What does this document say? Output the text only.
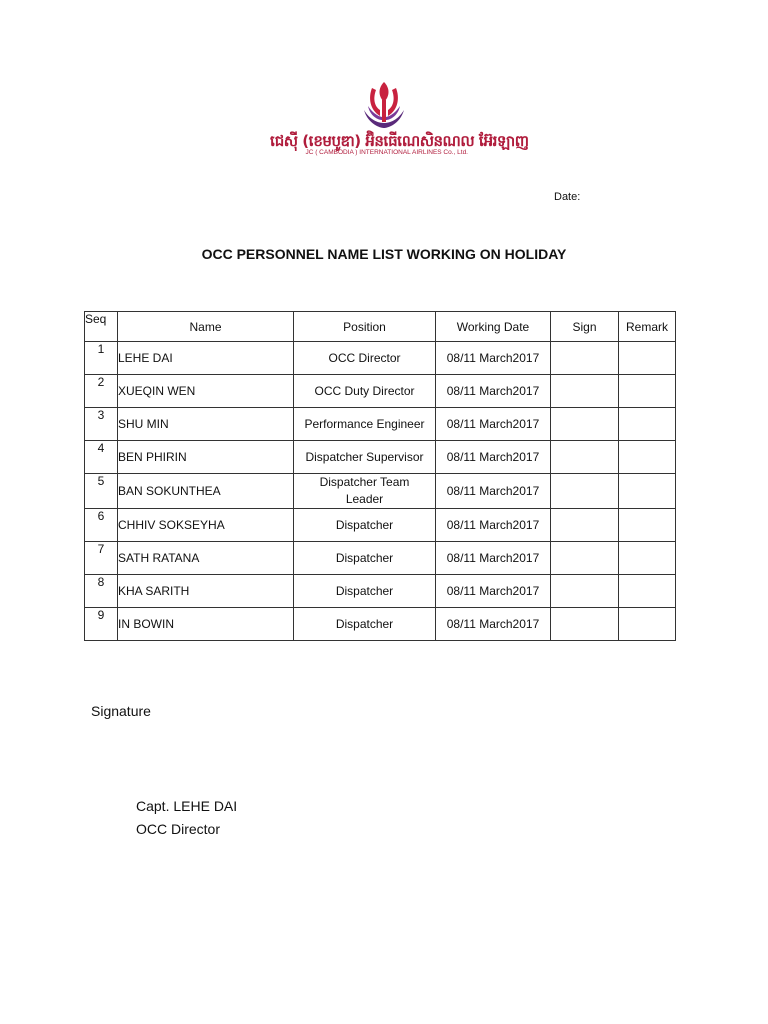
ជេសុី (ខេមបូឌា) អ៊ិនធើណេសិនណល អ៊ែរឡាញ
JC ( CAMBODIA ) INTERNATIONAL AIRLINES Co., Ltd.
Date:
OCC PERSONNEL NAME LIST WORKING ON HOLIDAY
Seq	Name	Position	Working Date	Sign	Remark
1	LEHE DAI	OCC Director	08/11 March2017		
2	XUEQIN WEN	OCC Duty Director	08/11 March2017		
3	SHU MIN	Performance Engineer	08/11 March2017		
4	BEN PHIRIN	Dispatcher Supervisor	08/11 March2017		
5	BAN SOKUNTHEA	Dispatcher Team Leader	08/11 March2017		
6	CHHIV SOKSEYHA	Dispatcher	08/11 March2017		
7	SATH RATANA	Dispatcher	08/11 March2017		
8	KHA SARITH	Dispatcher	08/11 March2017		
9	IN BOWIN	Dispatcher	08/11 March2017		
Signature
Capt. LEHE DAI
OCC Director
